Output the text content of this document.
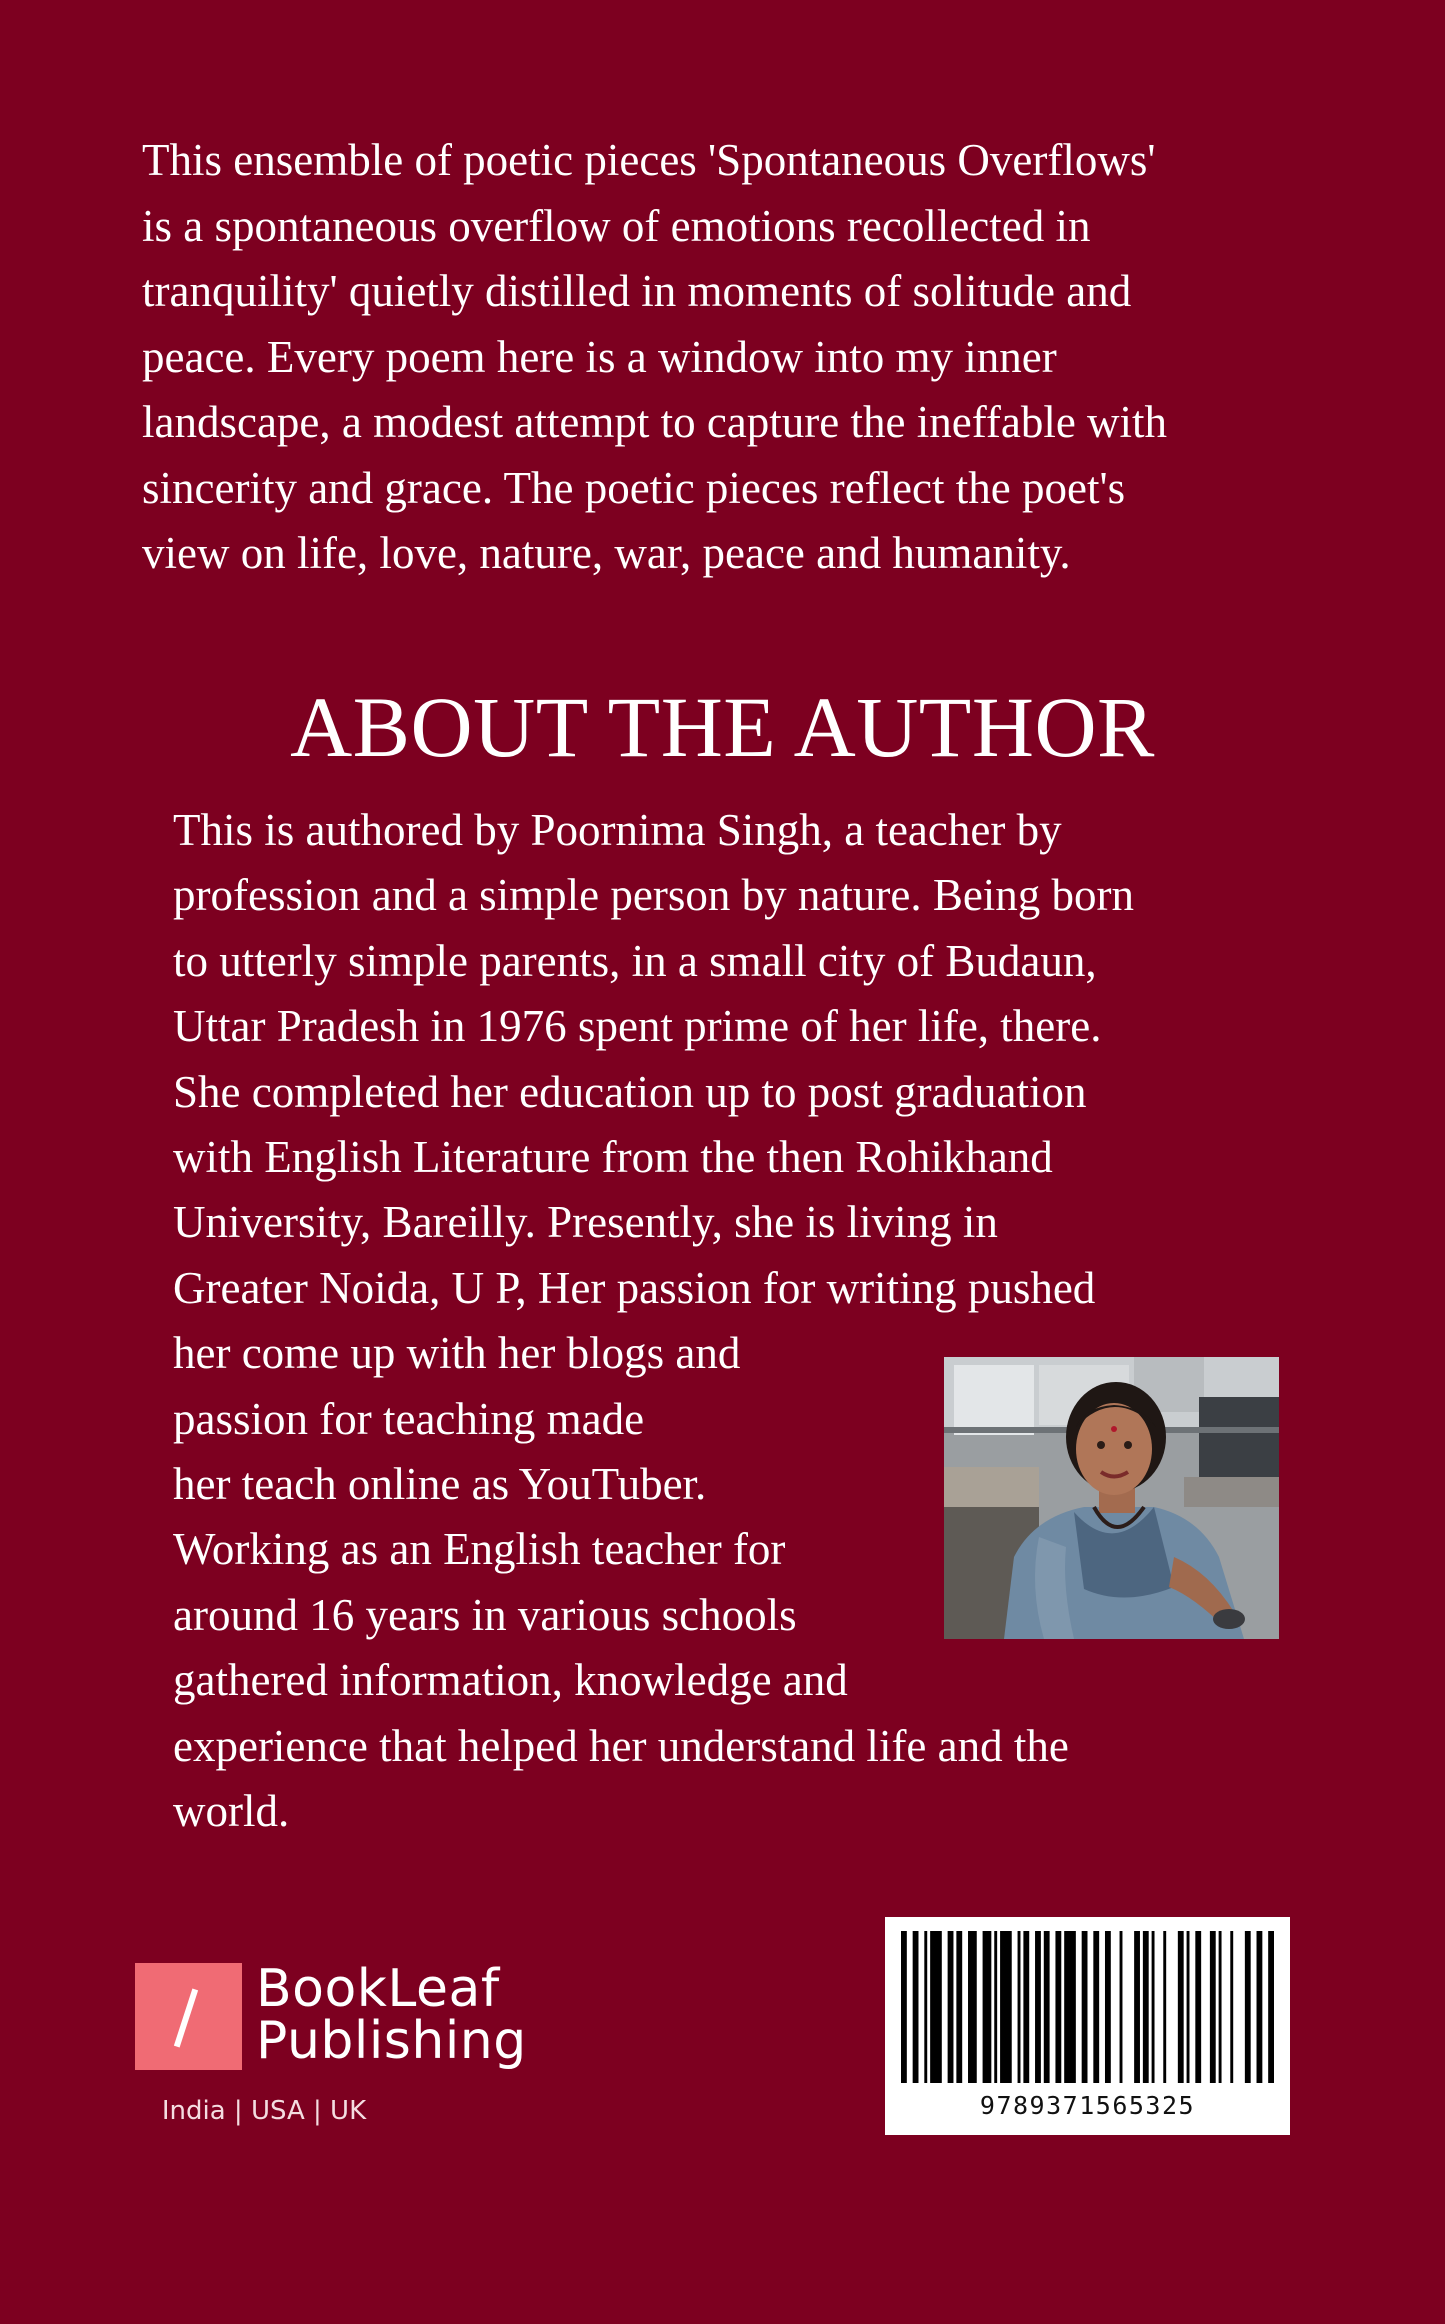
This ensemble of poetic pieces 'Spontaneous Overflows'
is a spontaneous overflow of emotions recollected in
tranquility' quietly distilled in moments of solitude and
peace. Every poem here is a window into my inner
landscape, a modest attempt to capture the ineffable with
sincerity and grace. The poetic pieces reflect the poet's
view on life, love, nature, war, peace and humanity.
ABOUT THE AUTHOR
This is authored by Poornima Singh, a teacher by
profession and a simple person by nature. Being born
to utterly simple parents, in a small city of Budaun,
Uttar Pradesh in 1976 spent prime of her life, there.
She completed her education up to post graduation
with English Literature from the then Rohikhand
University, Bareilly. Presently, she is living in
Greater Noida, U P, Her passion for writing pushed
her come up with her blogs and
passion for teaching made
her teach online as YouTuber.
Working as an English teacher for
around 16 years in various schools
gathered information, knowledge and
experience that helped her understand life and the
world.
BookLeaf
Publishing
India | USA | UK	9789371565325
